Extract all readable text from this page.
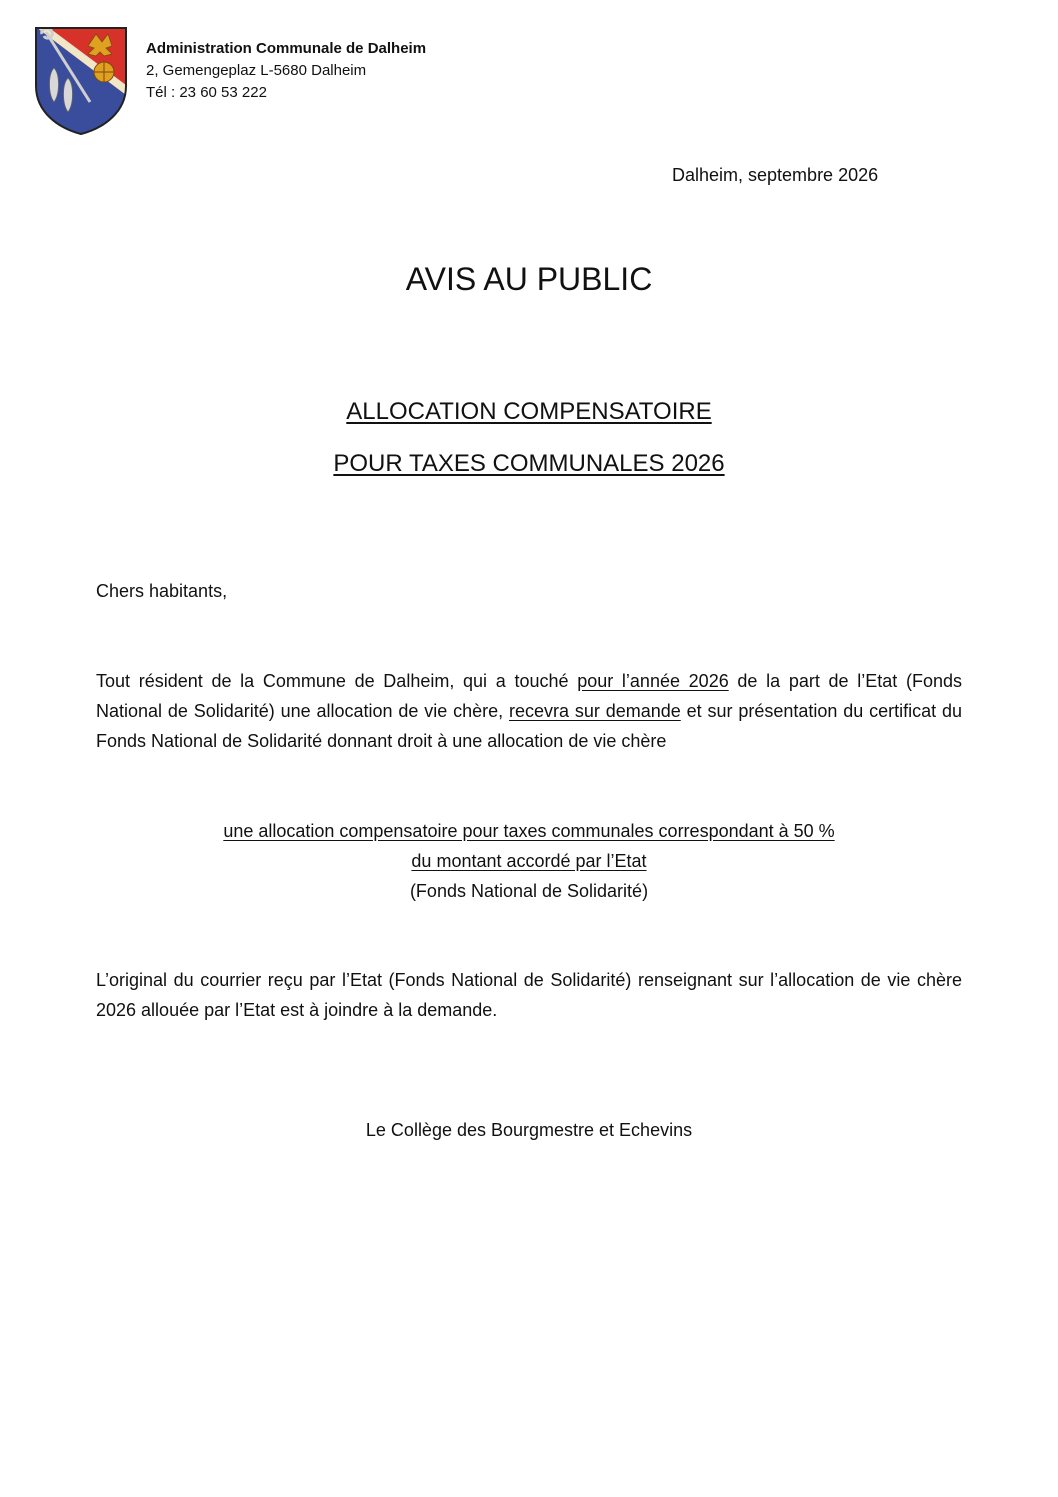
Administration Communale de Dalheim
2, Gemengeplaz L-5680 Dalheim
Tél : 23 60 53 222
Dalheim, septembre 2026
AVIS AU PUBLIC
ALLOCATION COMPENSATOIRE
POUR TAXES COMMUNALES 2026
Chers habitants,
Tout résident de la Commune de Dalheim, qui a touché pour l’année 2026 de la part de l’Etat (Fonds National de Solidarité) une allocation de vie chère, recevra sur demande et sur présentation du certificat du Fonds National de Solidarité donnant droit à une allocation de vie chère
une allocation compensatoire pour taxes communales correspondant à 50 %
du montant accordé par l’Etat
(Fonds National de Solidarité)
L’original du courrier reçu par l’Etat (Fonds National de Solidarité) renseignant sur l’allocation de vie chère 2026 allouée par l’Etat est à joindre à la demande.
Le Collège des Bourgmestre et Echevins
